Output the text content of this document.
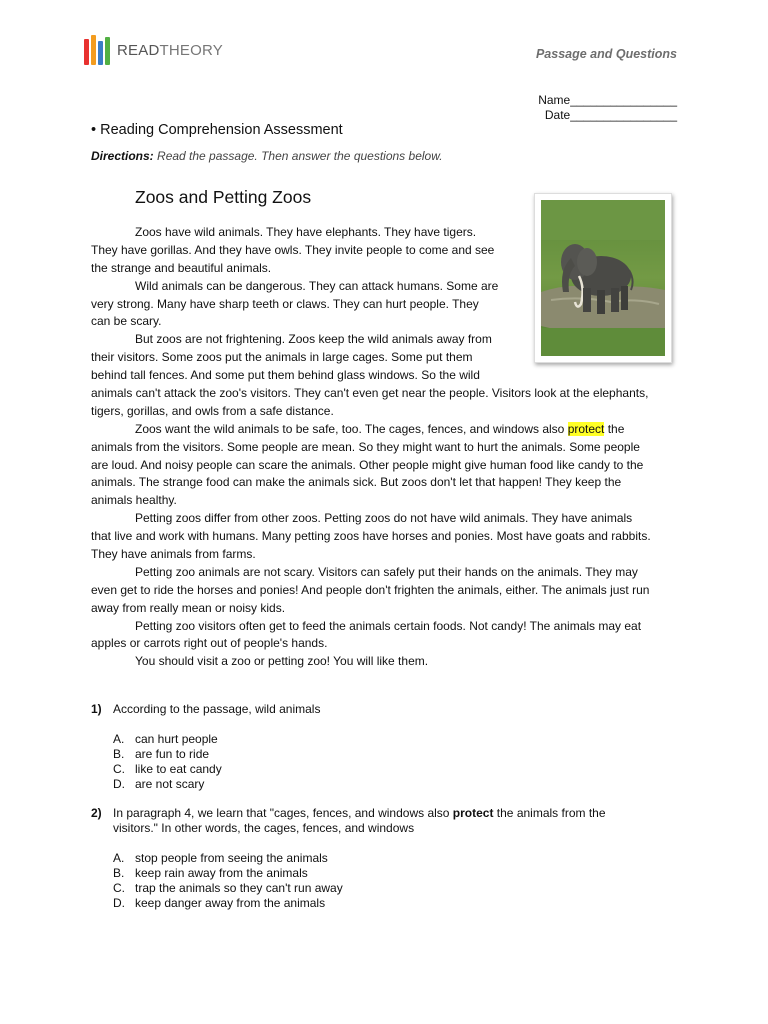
READTHEORY	Passage and Questions
Name________________
Date________________
• Reading Comprehension Assessment
Directions: Read the passage. Then answer the questions below.
Zoos and Petting Zoos
Zoos have wild animals. They have elephants. They have tigers.
They have gorillas. And they have owls. They invite people to come and see
the strange and beautiful animals.
Wild animals can be dangerous. They can attack humans. Some are
very strong. Many have sharp teeth or claws. They can hurt people. They
can be scary.
But zoos are not frightening. Zoos keep the wild animals away from
their visitors. Some zoos put the animals in large cages. Some put them
behind tall fences. And some put them behind glass windows. So the wild
animals can't attack the zoo's visitors. They can't even get near the people. Visitors look at the elephants,
tigers, gorillas, and owls from a safe distance.
Zoos want the wild animals to be safe, too. The cages, fences, and windows also protect the
animals from the visitors. Some people are mean. So they might want to hurt the animals. Some people
are loud. And noisy people can scare the animals. Other people might give human food like candy to the
animals. The strange food can make the animals sick. But zoos don't let that happen! They keep the
animals healthy.
Petting zoos differ from other zoos. Petting zoos do not have wild animals. They have animals
that live and work with humans. Many petting zoos have horses and ponies. Most have goats and rabbits.
They have animals from farms.
Petting zoo animals are not scary. Visitors can safely put their hands on the animals. They may
even get to ride the horses and ponies! And people don't frighten the animals, either. The animals just run
away from really mean or noisy kids.
Petting zoo visitors often get to feed the animals certain foods. Not candy! The animals may eat
apples or carrots right out of people's hands.
You should visit a zoo or petting zoo! You will like them.
1) According to the passage, wild animals
A. can hurt people
B. are fun to ride
C. like to eat candy
D. are not scary
2) In paragraph 4, we learn that "cages, fences, and windows also protect the animals from the
visitors." In other words, the cages, fences, and windows
A. stop people from seeing the animals
B. keep rain away from the animals
C. trap the animals so they can't run away
D. keep danger away from the animals
